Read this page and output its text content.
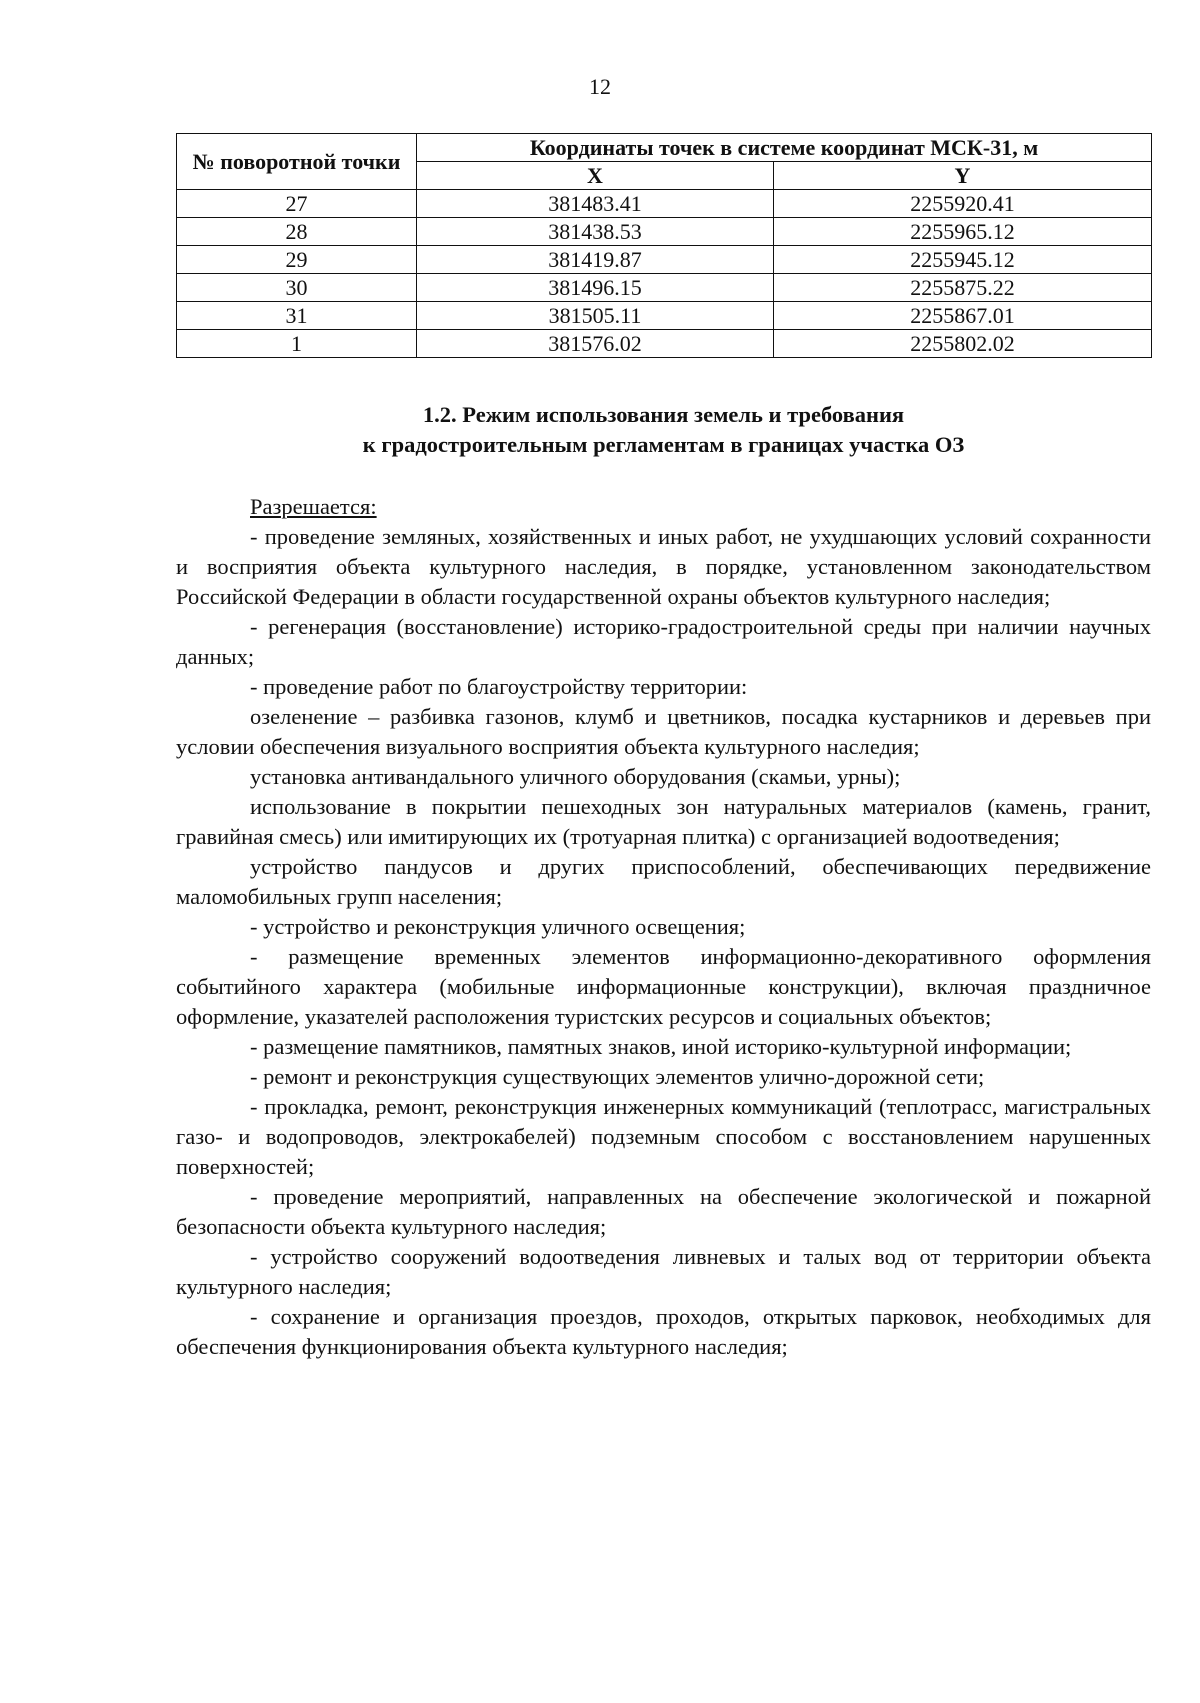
12
№ поворотной точки	Координаты точек в системе координат МСК-31, м	
	X	Y
27	381483.41	2255920.41
28	381438.53	2255965.12
29	381419.87	2255945.12
30	381496.15	2255875.22
31	381505.11	2255867.01
1	381576.02	2255802.02
1.2. Режим использования земель и требования
к градостроительным регламентам в границах участка ОЗ

Разрешается:

- проведение земляных, хозяйственных и иных работ, не ухудшающих условий сохранности и восприятия объекта культурного наследия, в порядке, установленном законодательством Российской Федерации в области государственной охраны объектов культурного наследия;

- регенерация (восстановление) историко-градостроительной среды при наличии научных данных;

- проведение работ по благоустройству территории:

озеленение – разбивка газонов, клумб и цветников, посадка кустарников и деревьев при условии обеспечения визуального восприятия объекта культурного наследия;

установка антивандального уличного оборудования (скамьи, урны);

использование в покрытии пешеходных зон натуральных материалов (камень, гранит, гравийная смесь) или имитирующих их (тротуарная плитка) с организацией водоотведения;

устройство пандусов и других приспособлений, обеспечивающих передвижение маломобильных групп населения;

- устройство и реконструкция уличного освещения;

- размещение временных элементов информационно-декоративного оформления событийного характера (мобильные информационные конструкции), включая праздничное оформление, указателей расположения туристских ресурсов и социальных объектов;

- размещение памятников, памятных знаков, иной историко-культурной информации;

- ремонт и реконструкция существующих элементов улично-дорожной сети;

- прокладка, ремонт, реконструкция инженерных коммуникаций (теплотрасс, магистральных газо- и водопроводов, электрокабелей) подземным способом с восстановлением нарушенных поверхностей;

- проведение мероприятий, направленных на обеспечение экологической и пожарной безопасности объекта культурного наследия;

- устройство сооружений водоотведения ливневых и талых вод от территории объекта культурного наследия;

- сохранение и организация проездов, проходов, открытых парковок, необходимых для обеспечения функционирования объекта культурного наследия;
